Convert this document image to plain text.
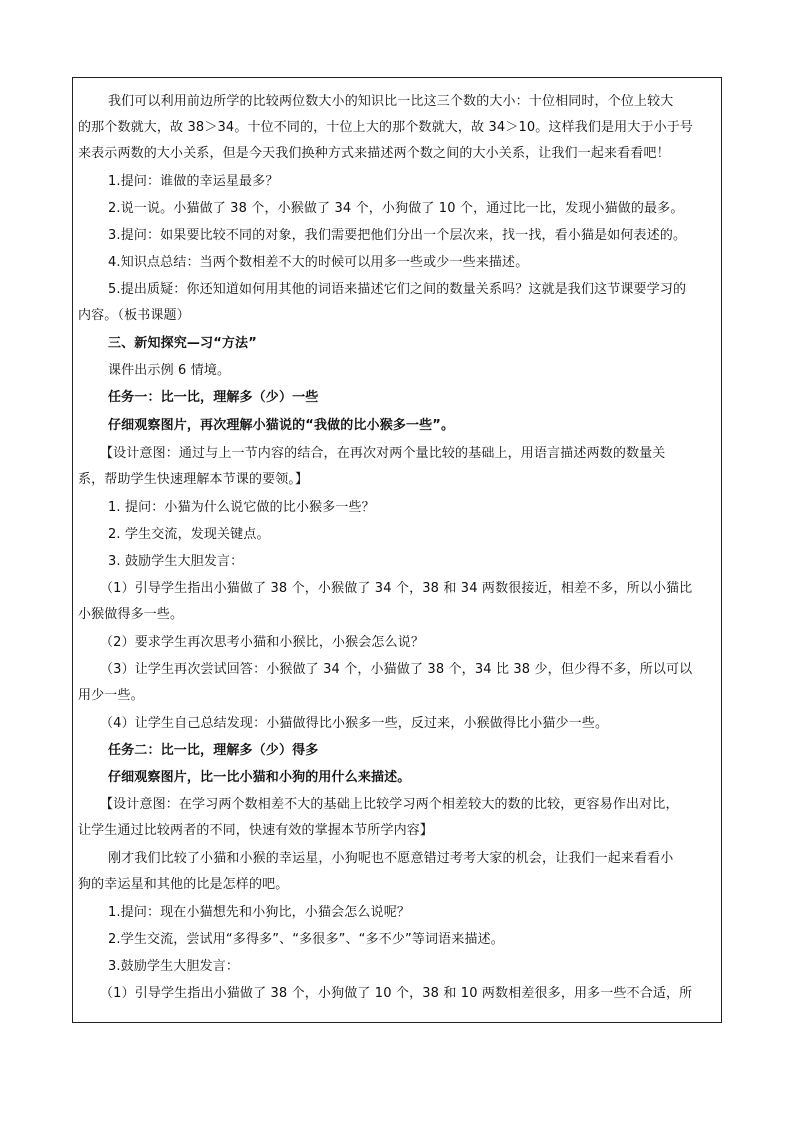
我们可以利用前边所学的比较两位数大小的知识比一比这三个数的大小：十位相同时，个位上较大
的那个数就大，故 38＞34。十位不同的，十位上大的那个数就大，故 34＞10。这样我们是用大于小于号
来表示两数的大小关系，但是今天我们换种方式来描述两个数之间的大小关系，让我们一起来看看吧！
1.提问：谁做的幸运星最多？
2.说一说。小猫做了 38 个，小猴做了 34 个，小狗做了 10 个，通过比一比，发现小猫做的最多。
3.提问：如果要比较不同的对象，我们需要把他们分出一个层次来，找一找，看小猫是如何表述的。
4.知识点总结：当两个数相差不大的时候可以用多一些或少一些来描述。
5.提出质疑：你还知道如何用其他的词语来描述它们之间的数量关系吗？这就是我们这节课要学习的
内容。（板书课题）
三、新知探究—习“方法”
课件出示例 6 情境。
任务一：比一比，理解多（少）一些
仔细观察图片，再次理解小猫说的“我做的比小猴多一些”。
【设计意图：通过与上一节内容的结合，在再次对两个量比较的基础上，用语言描述两数的数量关
系，帮助学生快速理解本节课的要领。】
1. 提问：小猫为什么说它做的比小猴多一些？
2. 学生交流，发现关键点。
3. 鼓励学生大胆发言：
（1）引导学生指出小猫做了 38 个，小猴做了 34 个，38 和 34 两数很接近，相差不多，所以小猫比
小猴做得多一些。
（2）要求学生再次思考小猫和小猴比，小猴会怎么说？
（3）让学生再次尝试回答：小猴做了 34 个，小猫做了 38 个，34 比 38 少，但少得不多，所以可以
用少一些。
（4）让学生自己总结发现：小猫做得比小猴多一些，反过来，小猴做得比小猫少一些。
任务二：比一比，理解多（少）得多
仔细观察图片，比一比小猫和小狗的用什么来描述。
【设计意图：在学习两个数相差不大的基础上比较学习两个相差较大的数的比较，更容易作出对比，
让学生通过比较两者的不同，快速有效的掌握本节所学内容】
刚才我们比较了小猫和小猴的幸运星，小狗呢也不愿意错过考考大家的机会，让我们一起来看看小
狗的幸运星和其他的比是怎样的吧。
1.提问：现在小猫想先和小狗比，小猫会怎么说呢？
2.学生交流，尝试用“多得多”、“多很多”、“多不少”等词语来描述。
3.鼓励学生大胆发言：
（1）引导学生指出小猫做了 38 个，小狗做了 10 个，38 和 10 两数相差很多，用多一些不合适，所
